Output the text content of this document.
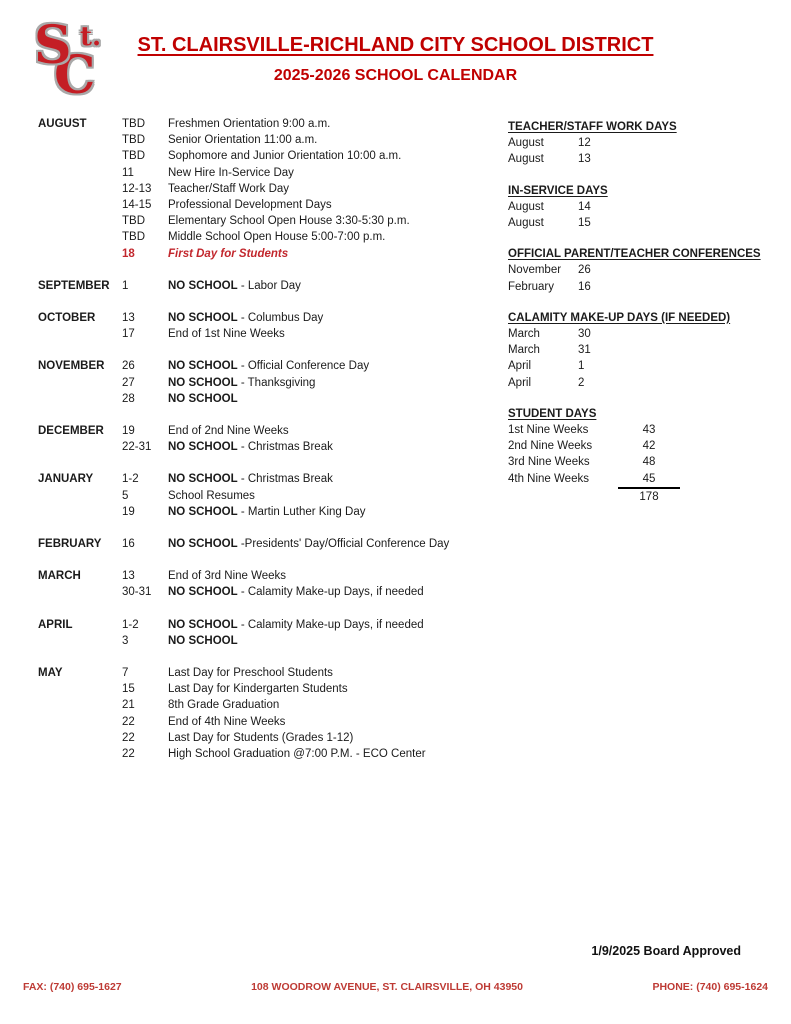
S t.
C	ST. CLAIRSVILLE-RICHLAND CITY SCHOOL DISTRICT
2025-2026 SCHOOL CALENDAR
AUGUST	TBD	Freshmen Orientation 9:00 a.m.
TBD	Senior Orientation 11:00 a.m.
TBD	Sophomore and Junior Orientation 10:00 a.m.
11	New Hire In-Service Day
12-13	Teacher/Staff Work Day
14-15	Professional Development Days
TBD	Elementary School Open House 3:30-5:30 p.m.
TBD	Middle School Open House 5:00-7:00 p.m.
18	First Day for Students
SEPTEMBER	1	NO SCHOOL - Labor Day
OCTOBER	13	NO SCHOOL - Columbus Day
17	End of 1st Nine Weeks
NOVEMBER	26	NO SCHOOL - Official Conference Day
27	NO SCHOOL - Thanksgiving
28	NO SCHOOL
DECEMBER	19	End of 2nd Nine Weeks
22-31	NO SCHOOL - Christmas Break
JANUARY	1-2	NO SCHOOL - Christmas Break
5	School Resumes
19	NO SCHOOL - Martin Luther King Day
FEBRUARY	16	NO SCHOOL -Presidents' Day/Official Conference Day
MARCH	13	End of 3rd Nine Weeks
30-31	NO SCHOOL - Calamity Make-up Days, if needed
APRIL	1-2	NO SCHOOL - Calamity Make-up Days, if needed
3	NO SCHOOL
MAY	7	Last Day for Preschool Students
15	Last Day for Kindergarten Students
21	8th Grade Graduation
22	End of 4th Nine Weeks
22	Last Day for Students (Grades 1-12)
22	High School Graduation @7:00 P.M. - ECO Center
TEACHER/STAFF WORK DAYS
August	12
August	13
IN-SERVICE DAYS
August	14
August	15
OFFICIAL PARENT/TEACHER CONFERENCES
November	26
February	16
CALAMITY MAKE-UP DAYS (IF NEEDED)
March	30
March	31
April	1
April	2
STUDENT DAYS
1st Nine Weeks	43
2nd Nine Weeks	42
3rd Nine Weeks	48
4th Nine Weeks	45
178
1/9/2025 Board Approved
FAX: (740) 695-1627	108 WOODROW AVENUE, ST. CLAIRSVILLE, OH 43950	PHONE: (740) 695-1624
